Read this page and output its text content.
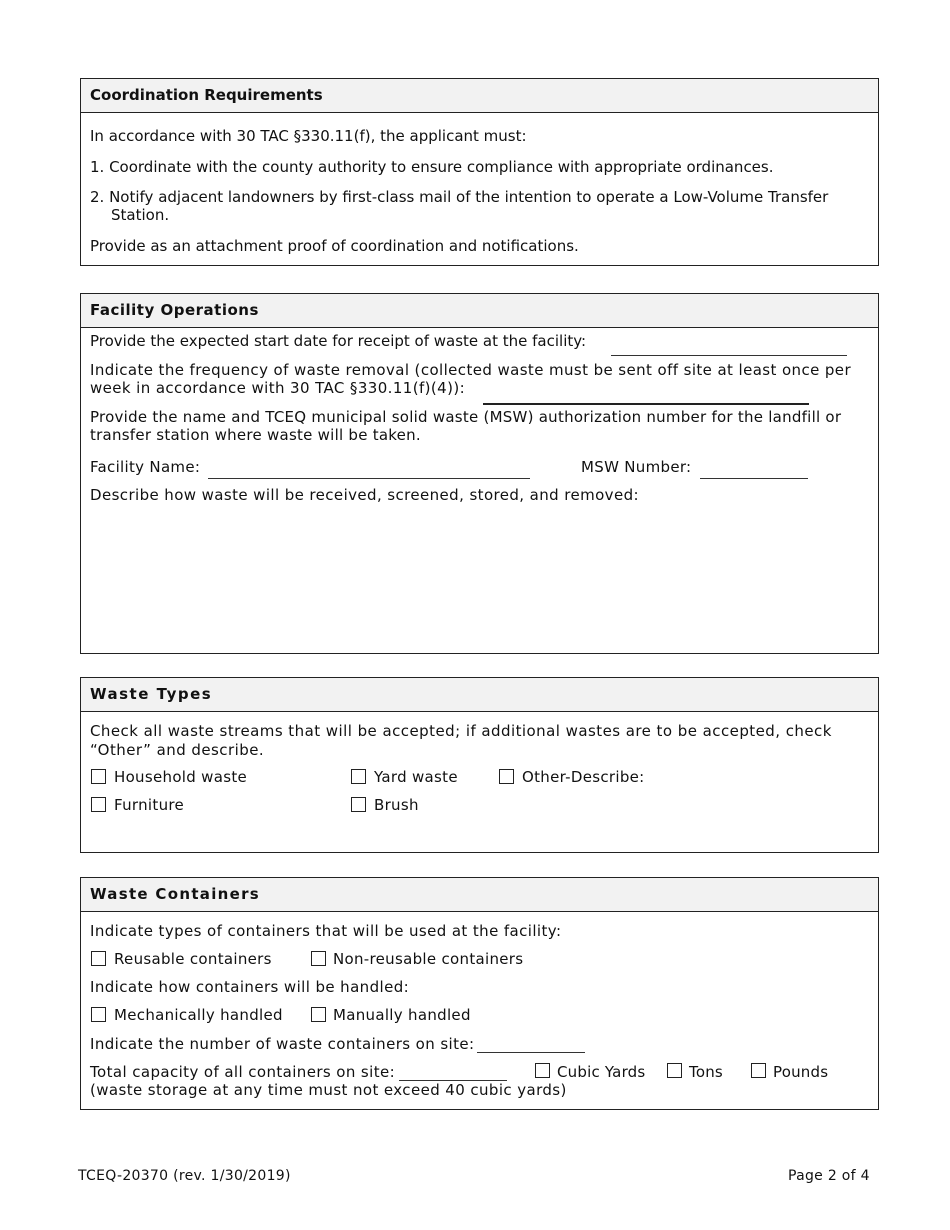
Coordination Requirements
In accordance with 30 TAC §330.11(f), the applicant must:
1. Coordinate with the county authority to ensure compliance with appropriate ordinances.
2. Notify adjacent landowners by first-class mail of the intention to operate a Low-Volume Transfer
Station.
Provide as an attachment proof of coordination and notifications.
Facility Operations
Provide the expected start date for receipt of waste at the facility:
Indicate the frequency of waste removal (collected waste must be sent off site at least once per
week in accordance with 30 TAC §330.11(f)(4)):
Provide the name and TCEQ municipal solid waste (MSW) authorization number for the landfill or
transfer station where waste will be taken.
Facility Name:	MSW Number:
Describe how waste will be received, screened, stored, and removed:
Waste Types
Check all waste streams that will be accepted; if additional wastes are to be accepted, check
“Other” and describe.
Household waste	Yard waste	Other-Describe:
Furniture	Brush
Waste Containers
Indicate types of containers that will be used at the facility:
Reusable containers	Non-reusable containers
Indicate how containers will be handled:
Mechanically handled	Manually handled
Indicate the number of waste containers on site:
Total capacity of all containers on site:	Cubic Yards	Tons	Pounds
(waste storage at any time must not exceed 40 cubic yards)
TCEQ-20370 (rev. 1/30/2019)	Page 2 of 4
